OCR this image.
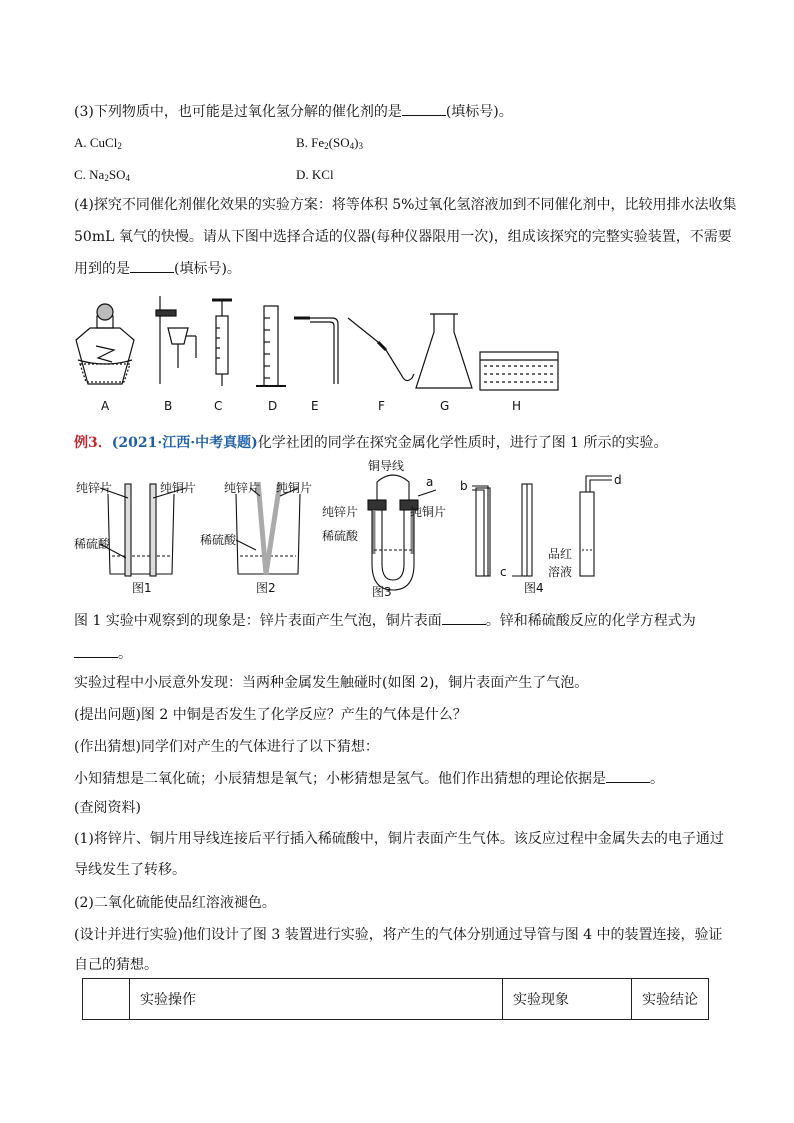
(3)下列物质中，也可能是过氧化氢分解的催化剂的是	(填标号)。
A. CuCl$_2$	B. $Fe_2(SO_4)_3$
C. $Na_2SO_4$	D. KCl
(4)探究不同催化剂催化效果的实验方案：将等体积 5%过氧化氢溶液加到不同催化剂中，比较用排水法收集
50mL 氧气的快慢。请从下图中选择合适的仪器(每种仪器限用一次)，组成该探究的完整实验装置，不需要
用到的是	(填标号)。
A	B	C	D	E	F	G	H
例3．(2021·江西·中考真题)化学社团的同学在探究金属化学性质时，进行了图 1 所示的实验。
纯锌片	纯铜片
稀硫酸
图1
纯锌片 纯铜片
稀硫酸
图2
铜导线
a
纯锌片	纯铜片
稀硫酸
图3
b
c
d
品红
溶液
图4
图 1 实验中观察到的现象是：锌片表面产生气泡，铜片表面	。锌和稀硫酸反应的化学方程式为
。
实验过程中小辰意外发现：当两种金属发生触碰时(如图 2)，铜片表面产生了气泡。
(提出问题)图 2 中铜是否发生了化学反应？产生的气体是什么？
(作出猜想)同学们对产生的气体进行了以下猜想：
小知猜想是二氧化硫；小辰猜想是氧气；小彬猜想是氢气。他们作出猜想的理论依据是	。
(查阅资料)
(1)将锌片、铜片用导线连接后平行插入稀硫酸中，铜片表面产生气体。该反应过程中金属失去的电子通过
导线发生了转移。
(2)二氧化硫能使品红溶液褪色。
(设计并进行实验)他们设计了图 3 装置进行实验，将产生的气体分别通过导管与图 4 中的装置连接，验证
自己的猜想。
	实验操作	实验现象	实验结论
